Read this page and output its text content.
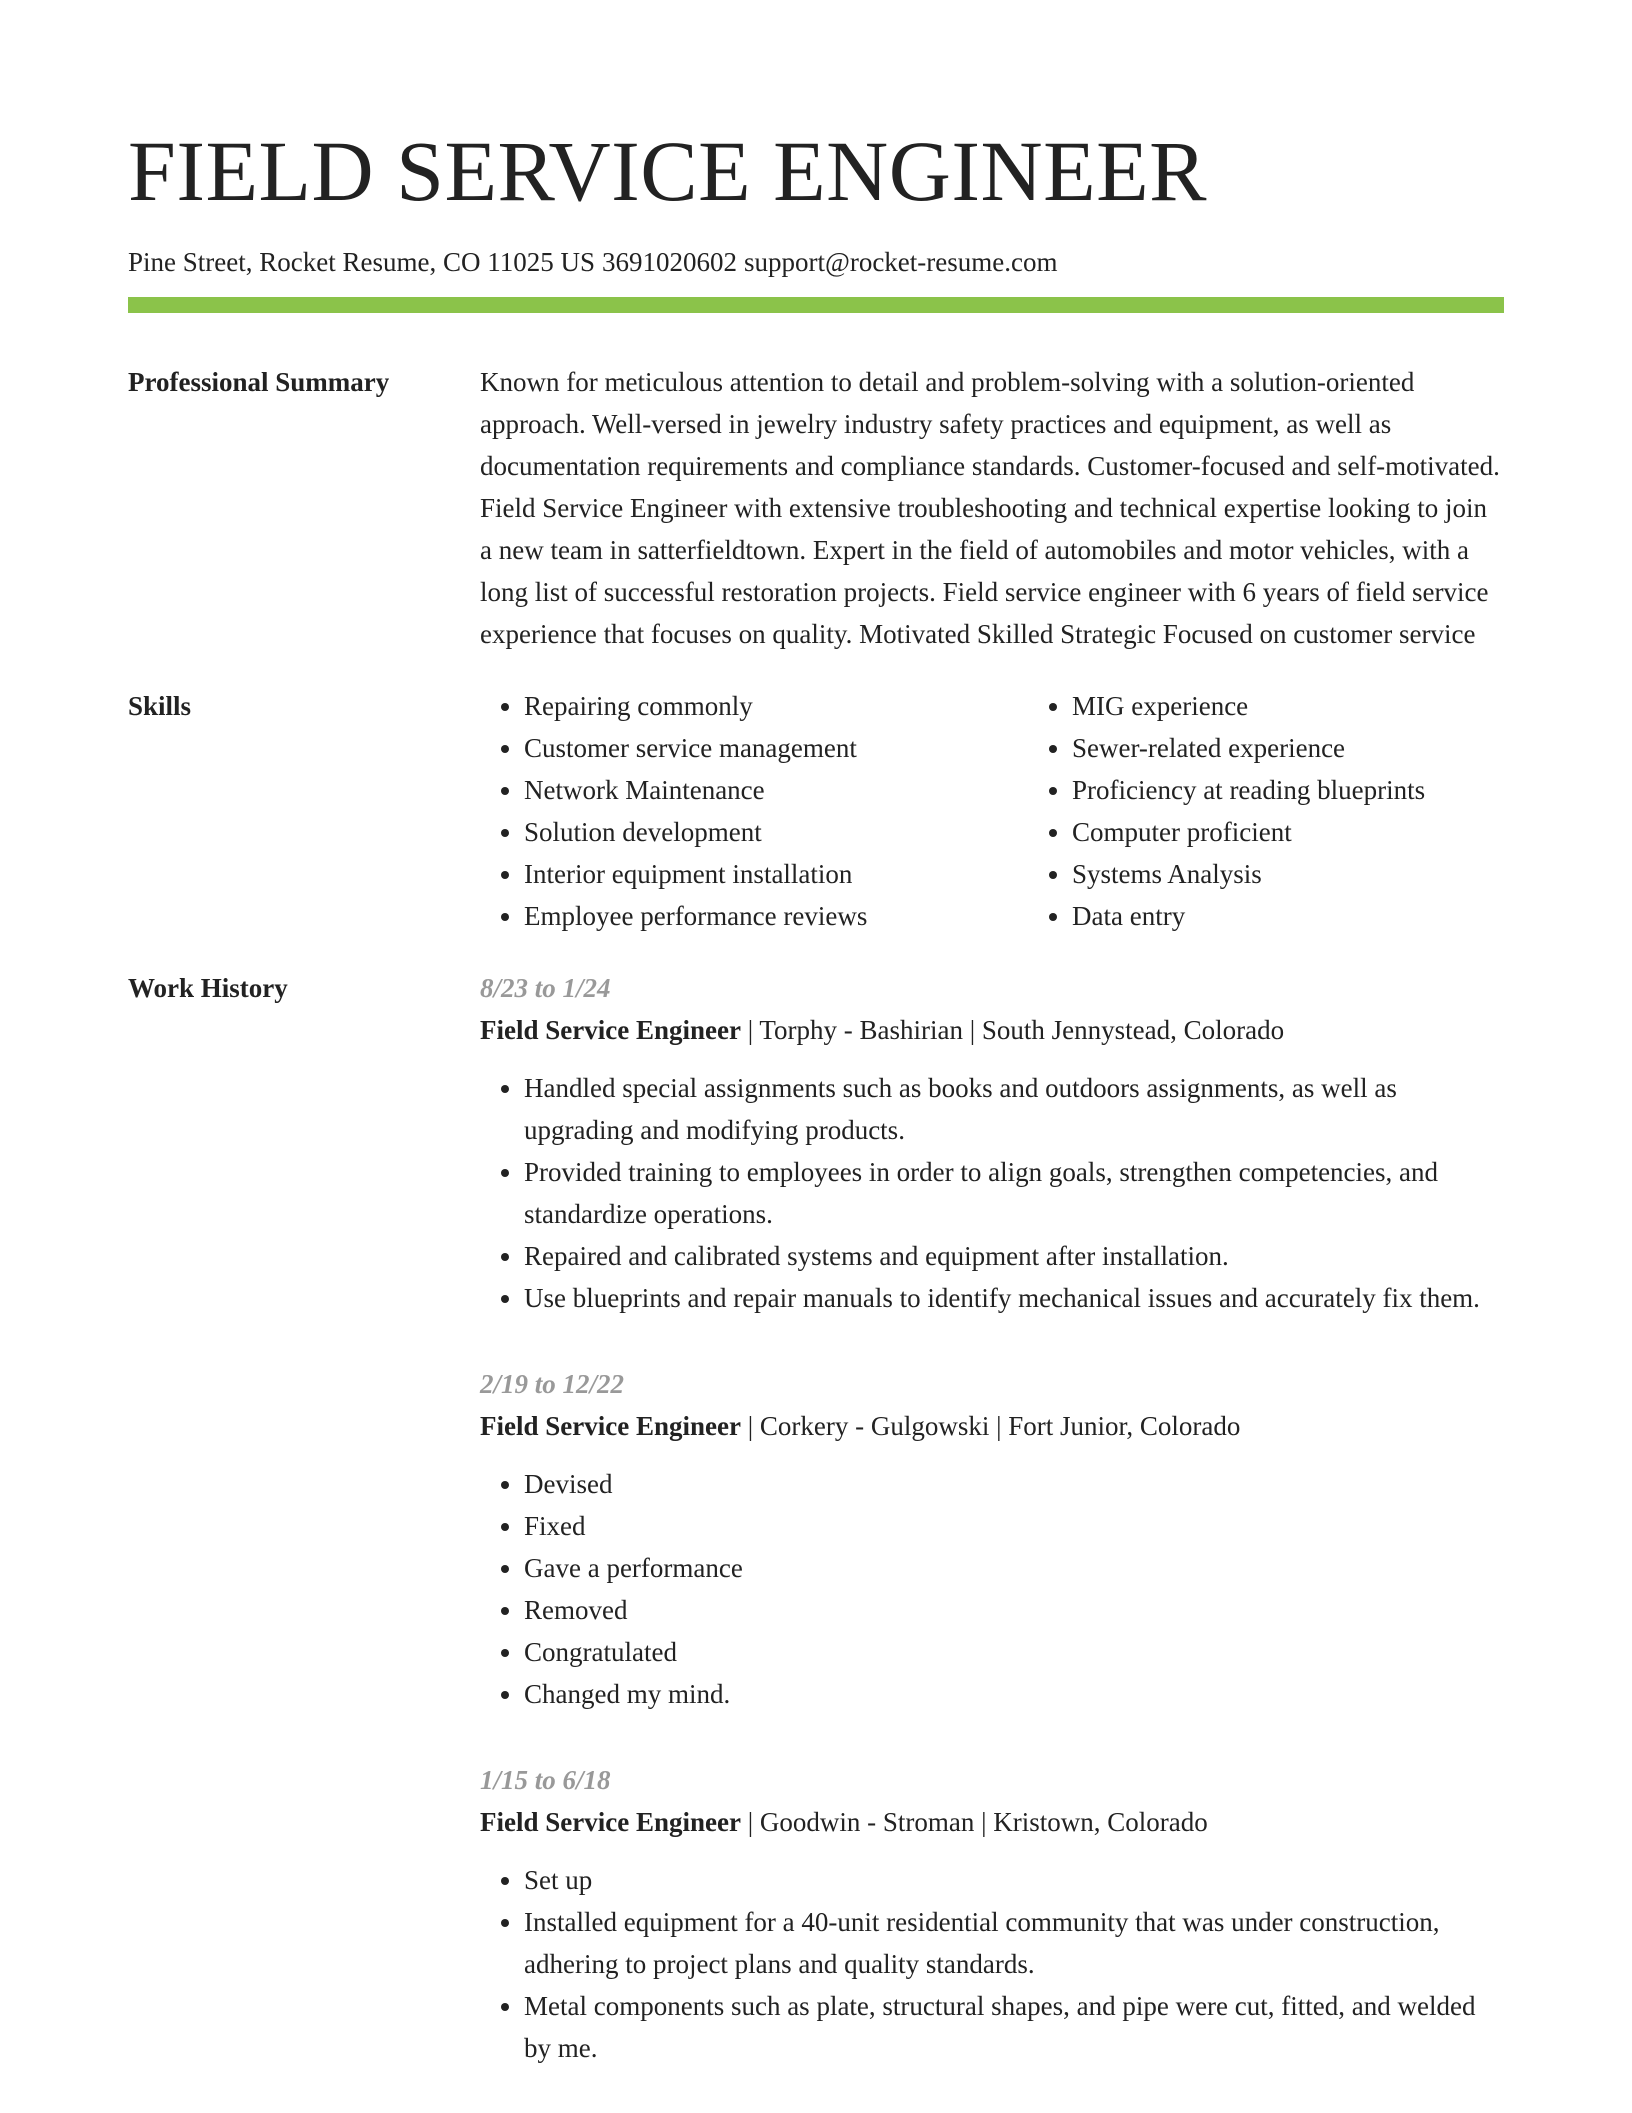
FIELD SERVICE ENGINEER
Pine Street, Rocket Resume, CO 11025 US 3691020602 support@rocket-resume.com
Professional Summary	Known for meticulous attention to detail and problem-solving with a solution-oriented approach. Well-versed in jewelry industry safety practices and equipment, as well as documentation requirements and compliance standards. Customer-focused and self-motivated. Field Service Engineer with extensive troubleshooting and technical expertise looking to join a new team in satterfieldtown. Expert in the field of automobiles and motor vehicles, with a long list of successful restoration projects. Field service engineer with 6 years of field service experience that focuses on quality. Motivated Skilled Strategic Focused on customer service

Skills
•	Repairing commonly
• Customer service management
• Network Maintenance
• Solution development
• Interior equipment installation
• Employee performance reviews
• MIG experience
• Sewer-related experience
• Proficiency at reading blueprints
• Computer proficient
• Systems Analysis
• Data entry
Work History	8/23 to 1/24
Field Service Engineer | Torphy - Bashirian | South Jennystead, Colorado
• Handled special assignments such as books and outdoors assignments, as well as upgrading and modifying products.
• Provided training to employees in order to align goals, strengthen competencies, and standardize operations.
• Repaired and calibrated systems and equipment after installation.
• Use blueprints and repair manuals to identify mechanical issues and accurately fix them.
2/19 to 12/22
Field Service Engineer | Corkery - Gulgowski | Fort Junior, Colorado
• Devised
• Fixed
• Gave a performance
• Removed
• Congratulated
• Changed my mind.
1/15 to 6/18
Field Service Engineer | Goodwin - Stroman | Kristown, Colorado
• Set up
• Installed equipment for a 40-unit residential community that was under construction, adhering to project plans and quality standards.
• Metal components such as plate, structural shapes, and pipe were cut, fitted, and welded by me.
